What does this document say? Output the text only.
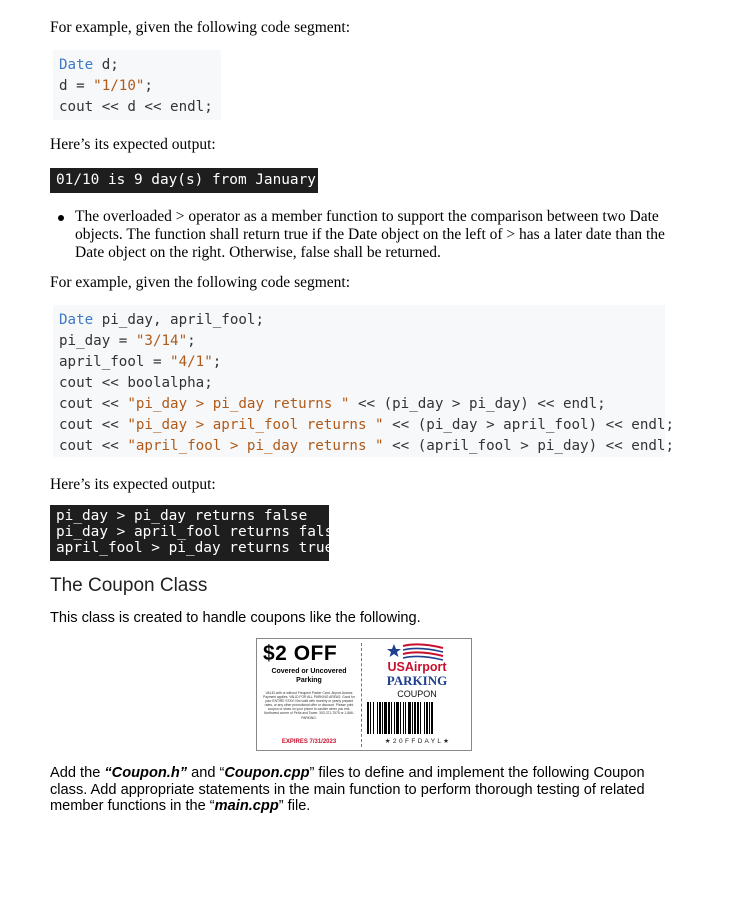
For example, given the following code segment:
Date d;
d = "1/10";
cout << d << endl;
Here’s its expected output:
01/10 is 9 day(s) from January 1
The overloaded > operator as a member function to support the comparison between two Date objects. The function shall return true if the Date object on the left of > has a later date than the Date object on the right. Otherwise, false shall be returned.
For example, given the following code segment:
Date pi_day, april_fool;
pi_day = "3/14";
april_fool = "4/1";
cout << boolalpha;
cout << "pi_day > pi_day returns " << (pi_day > pi_day) << endl;
cout << "pi_day > april_fool returns " << (pi_day > april_fool) << endl;
cout << "april_fool > pi_day returns " << (april_fool > pi_day) << endl;
Here’s its expected output:
pi_day > pi_day returns false
pi_day > april_fool returns false
april_fool > pi_day returns true
The Coupon Class
This class is created to handle coupons like the following.
$2 OFF
Covered or Uncovered
Parking
VALID with or without Frequent Parker Card. Airport Access Payment applies. VALID FOR ALL PARKING AREAS. Good for your ENTIRE STAY! Not valid with monthly or yearly prepaid rates, or any other promotional offer or discount. Please print coupon or show on your phone to cashier when you exit. Northwest corner of Peña and Tower. 303-371-7575 or 1-866-PARKING.
EXPIRES 7/31/2023
USAirport
PARKING
COUPON
★ 2 0 F F D A Y L ★
Add the “Coupon.h” and “Coupon.cpp” files to define and implement the following Coupon class. Add appropriate statements in the main function to perform thorough testing of related member functions in the “main.cpp” file.
